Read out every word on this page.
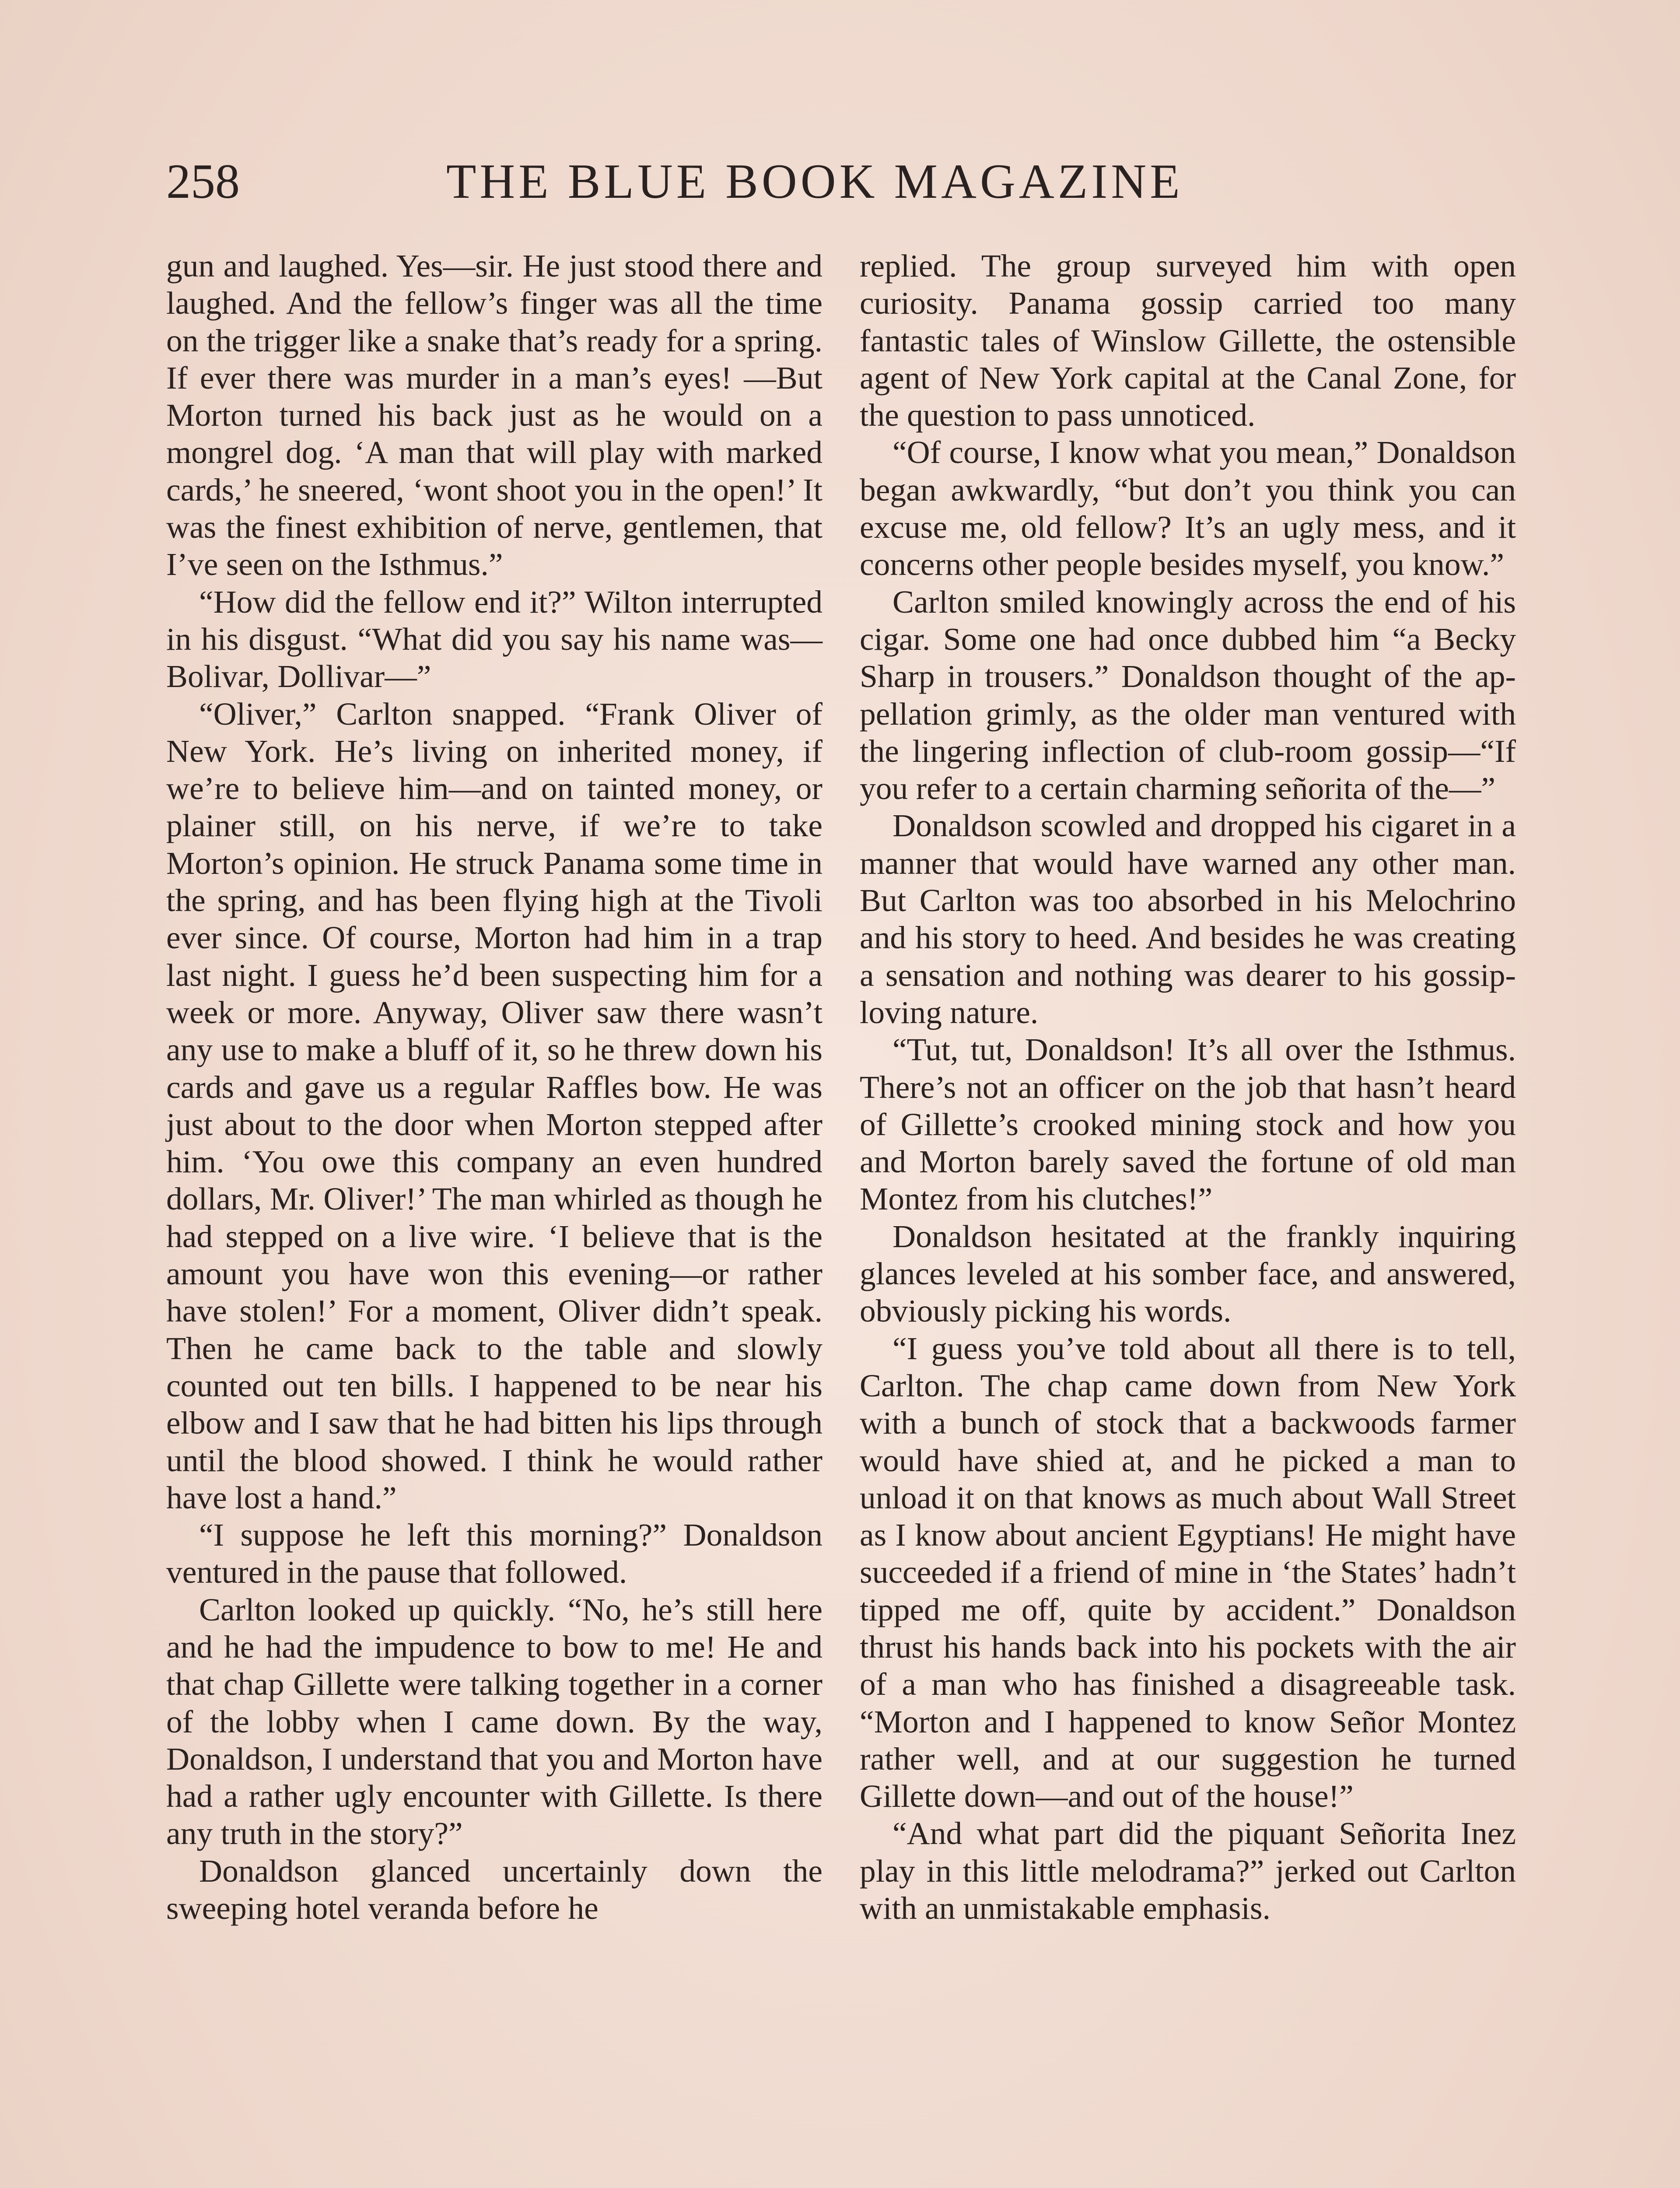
258	THE BLUE BOOK MAGAZINE

gun and laughed. Yes—sir. He just stood there and laughed. And the fellow’s finger was all the time on the trigger like a snake that’s ready for a spring. If ever there was murder in a man’s eyes! —But Morton turned his back just as he would on a mongrel dog. ‘A man that will play with marked cards,’ he sneered, ‘wont shoot you in the open!’ It was the finest exhibition of nerve, gentlemen, that I’ve seen on the Isthmus.”

“How did the fellow end it?” Wilton interrupted in his disgust. “What did you say his name was—Bolivar, Dollivar—”

“Oliver,” Carlton snapped. “Frank Oliver of New York. He’s living on inherited money, if we’re to believe him—and on tainted money, or plainer still, on his nerve, if we’re to take Morton’s opinion. He struck Panama some time in the spring, and has been flying high at the Tivoli ever since. Of course, Morton had him in a trap last night. I guess he’d been suspecting him for a week or more. Anyway, Oliver saw there wasn’t any use to make a bluff of it, so he threw down his cards and gave us a regular Raffles bow. He was just about to the door when Morton stepped after him. ‘You owe this company an even hundred dollars, Mr. Oliver!’ The man whirled as though he had stepped on a live wire. ‘I believe that is the amount you have won this evening—or rather have stolen!’ For a moment, Oliver didn’t speak. Then he came back to the table and slowly counted out ten bills. I happened to be near his elbow and I saw that he had bitten his lips through until the blood showed. I think he would rather have lost a hand.”

“I suppose he left this morning?” Donaldson ventured in the pause that followed.

Carlton looked up quickly. “No, he’s still here and he had the impudence to bow to me! He and that chap Gillette were talking together in a corner of the lobby when I came down. By the way, Donaldson, I understand that you and Morton have had a rather ugly encounter with Gillette. Is there any truth in the story?”

Donaldson glanced uncertainly down the sweeping hotel veranda before he

replied. The group surveyed him with open curiosity. Panama gossip carried too many fantastic tales of Winslow Gillette, the ostensible agent of New York capital at the Canal Zone, for the question to pass unnoticed.

“Of course, I know what you mean,” Donaldson began awkwardly, “but don’t you think you can excuse me, old fellow? It’s an ugly mess, and it concerns other people besides myself, you know.”

Carlton smiled knowingly across the end of his cigar. Some one had once dubbed him “a Becky Sharp in trousers.” Donaldson thought of the appellation grimly, as the older man ventured with the lingering inflection of club-room gossip—“If you refer to a certain charming señorita of the—”

Donaldson scowled and dropped his cigaret in a manner that would have warned any other man. But Carlton was too absorbed in his Melochrino and his story to heed. And besides he was creating a sensation and nothing was dearer to his gossip-loving nature.

“Tut, tut, Donaldson! It’s all over the Isthmus. There’s not an officer on the job that hasn’t heard of Gillette’s crooked mining stock and how you and Morton barely saved the fortune of old man Montez from his clutches!”

Donaldson hesitated at the frankly inquiring glances leveled at his somber face, and answered, obviously picking his words.

“I guess you’ve told about all there is to tell, Carlton. The chap came down from New York with a bunch of stock that a backwoods farmer would have shied at, and he picked a man to unload it on that knows as much about Wall Street as I know about ancient Egyptians! He might have succeeded if a friend of mine in ‘the States’ hadn’t tipped me off, quite by accident.” Donaldson thrust his hands back into his pockets with the air of a man who has finished a disagreeable task. “Morton and I happened to know Señor Montez rather well, and at our suggestion he turned Gillette down—and out of the house!”

“And what part did the piquant Señorita Inez play in this little melodrama?” jerked out Carlton with an unmistakable emphasis.
